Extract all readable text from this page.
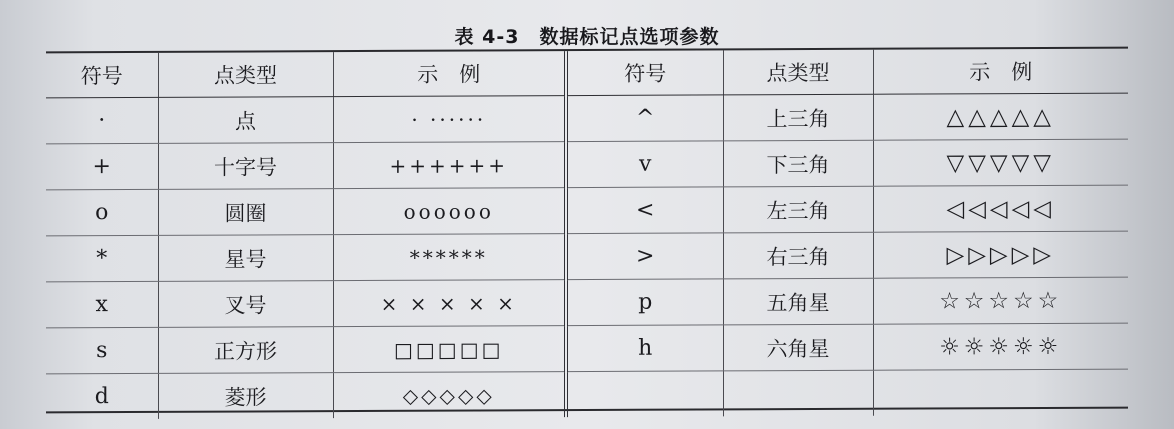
表 4-3　数据标记点选项参数
符号	点类型	示　例	符号	点类型	示　例
·	点	· ······	^	上三角	△△△△△
+	十字号	++++++	v	下三角	▽▽▽▽▽
o	圆圈	oooooo	<	左三角	◁◁◁◁◁
*	星号	******	>	右三角	▷▷▷▷▷
x	叉号	× × × × ×	p	五角星	☆☆☆☆☆
s	正方形	□□□□□	h	六角星	☼☼☼☼☼
d	菱形	◇◇◇◇◇			
